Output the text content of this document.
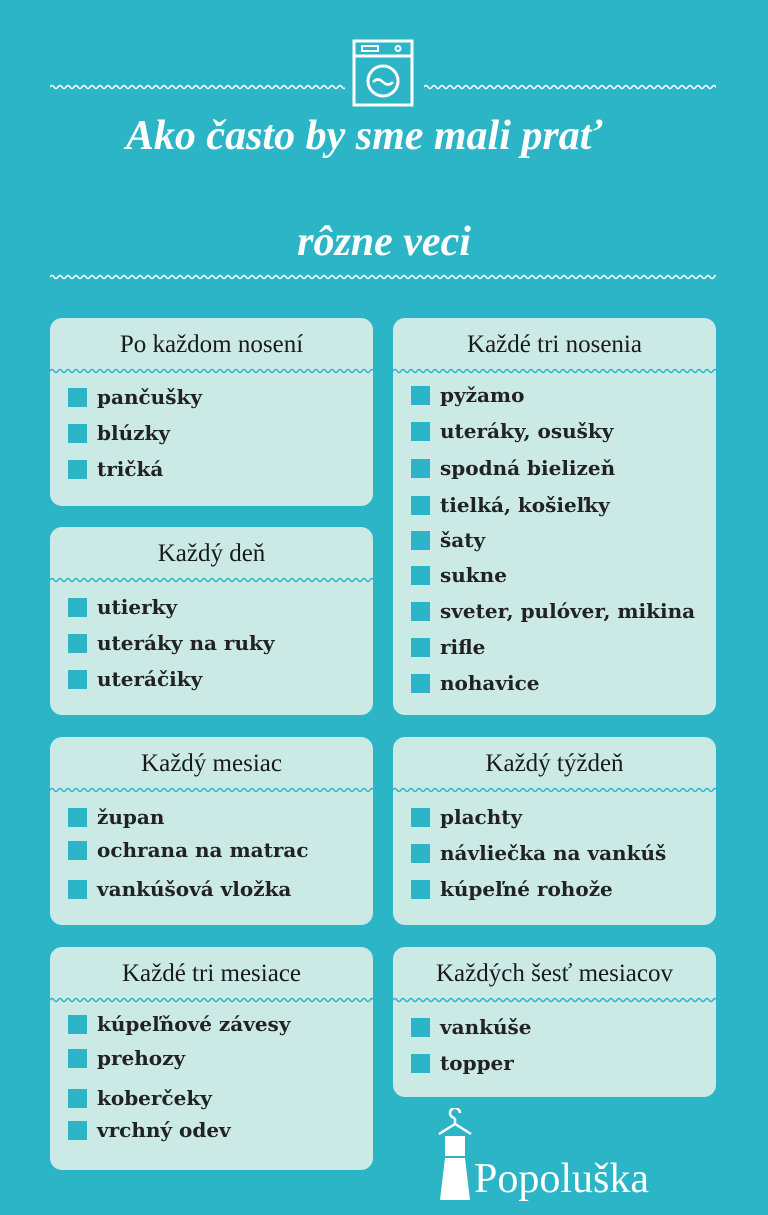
Ako často by sme mali prať
rôzne veci
Po každom nosení
pančušky
blúzky
tričká
Každé tri nosenia
pyžamo
uteráky, osušky
spodná bielizeň
tielká, košieľky
šaty
sukne
sveter, pulóver, mikina
rifle
nohavice
Každý deň
utierky
uteráky na ruky
uteráčiky
Každý mesiac
župan
ochrana na matrac
vankúšová vložka
Každý týždeň
plachty
návliečka na vankúš
kúpeľné rohože
Každé tri mesiace
kúpeľňové závesy
prehozy
koberčeky
vrchný odev
Každých šesť mesiacov
vankúše
topper
Popoluška
